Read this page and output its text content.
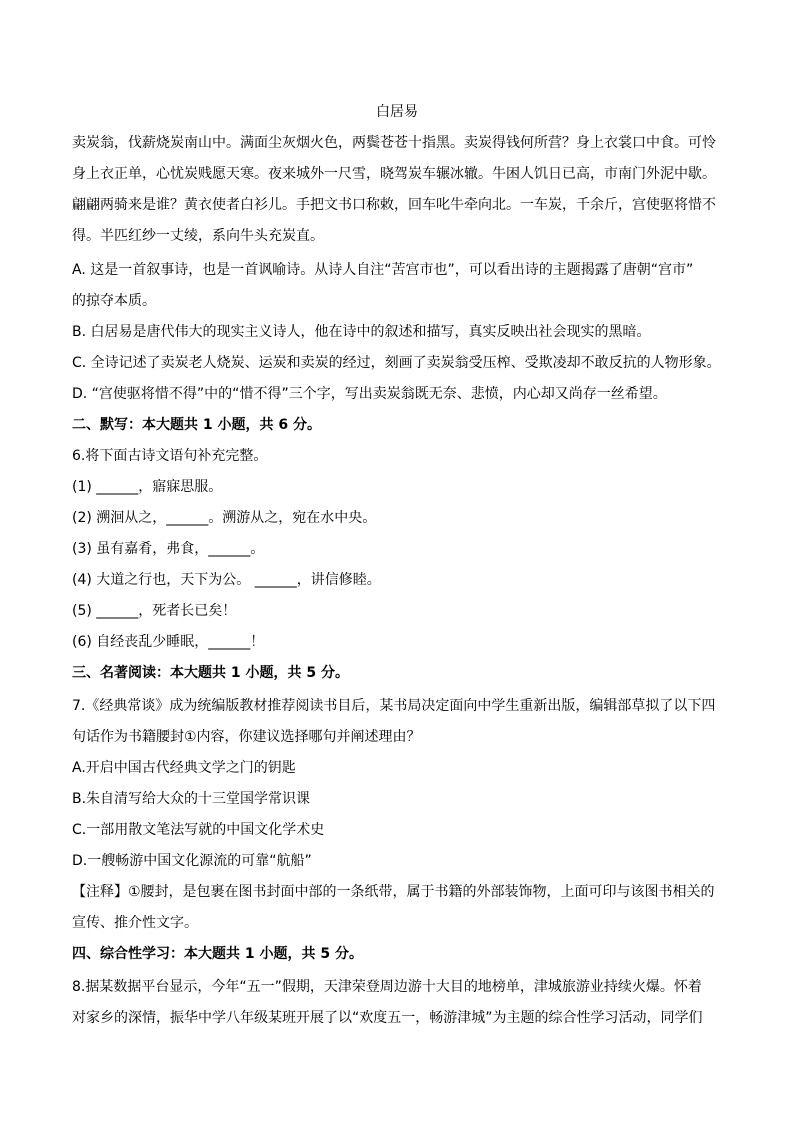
白居易
卖炭翁，伐薪烧炭南山中。满面尘灰烟火色，两鬓苍苍十指黑。卖炭得钱何所营？身上衣裳口中食。可怜
身上衣正单，心忧炭贱愿天寒。夜来城外一尺雪，晓驾炭车辗冰辙。牛困人饥日已高，市南门外泥中歇。
翩翩两骑来是谁？黄衣使者白衫儿。手把文书口称敕，回车叱牛牵向北。一车炭，千余斤，宫使驱将惜不
得。半匹红纱一丈绫，系向牛头充炭直。
A. 这是一首叙事诗，也是一首讽喻诗。从诗人自注“苦宫市也”，可以看出诗的主题揭露了唐朝“宫市”
的掠夺本质。
B. 白居易是唐代伟大的现实主义诗人，他在诗中的叙述和描写，真实反映出社会现实的黑暗。
C. 全诗记述了卖炭老人烧炭、运炭和卖炭的经过，刻画了卖炭翁受压榨、受欺凌却不敢反抗的人物形象。
D. “宫使驱将惜不得”中的“惜不得”三个字，写出卖炭翁既无奈、悲愤，内心却又尚存一丝希望。
二、默写：本大题共 1 小题，共 6 分。
6.将下面古诗文语句补充完整。
(1) ______，寤寐思服。
(2) 溯洄从之，______。溯游从之，宛在水中央。
(3) 虽有嘉肴，弗食，______。
(4) 大道之行也，天下为公。 ______，讲信修睦。
(5) ______，死者长已矣！
(6) 自经丧乱少睡眠，______！
三、名著阅读：本大题共 1 小题，共 5 分。
7.《经典常谈》成为统编版教材推荐阅读书目后，某书局决定面向中学生重新出版，编辑部草拟了以下四
句话作为书籍腰封①内容，你建议选择哪句并阐述理由？
A.开启中国古代经典文学之门的钥匙
B.朱自清写给大众的十三堂国学常识课
C.一部用散文笔法写就的中国文化学术史
D.一艘畅游中国文化源流的可靠“航船”
【注释】①腰封，是包裹在图书封面中部的一条纸带，属于书籍的外部装饰物，上面可印与该图书相关的
宣传、推介性文字。
四、综合性学习：本大题共 1 小题，共 5 分。
8.据某数据平台显示，今年“五一”假期，天津荣登周边游十大目的地榜单，津城旅游业持续火爆。怀着
对家乡的深情，振华中学八年级某班开展了以“欢度五一，畅游津城”为主题的综合性学习活动，同学们
